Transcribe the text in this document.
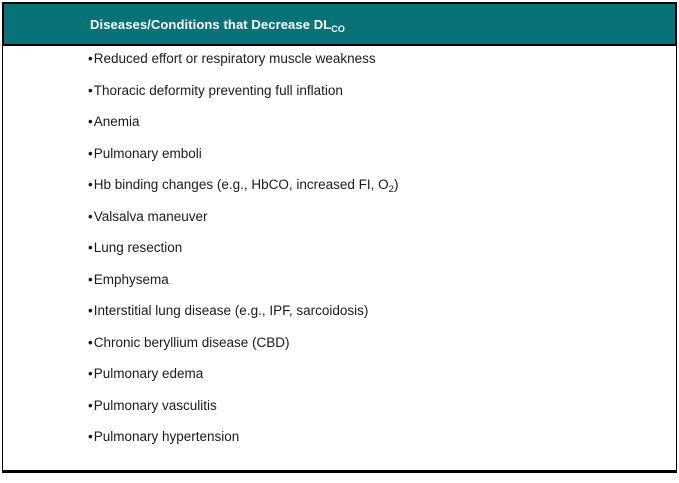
Diseases/Conditions that Decrease $DL_{CO}$
•Reduced effort or respiratory muscle weakness
•Thoracic deformity preventing full inflation
•Anemia
•Pulmonary emboli
•Hb binding changes (e.g., HbCO, increased FI, $O_2$)
•Valsalva maneuver
•Lung resection
•Emphysema
•Interstitial lung disease (e.g., IPF, sarcoidosis)
•Chronic beryllium disease (CBD)
•Pulmonary edema
•Pulmonary vasculitis
•Pulmonary hypertension
